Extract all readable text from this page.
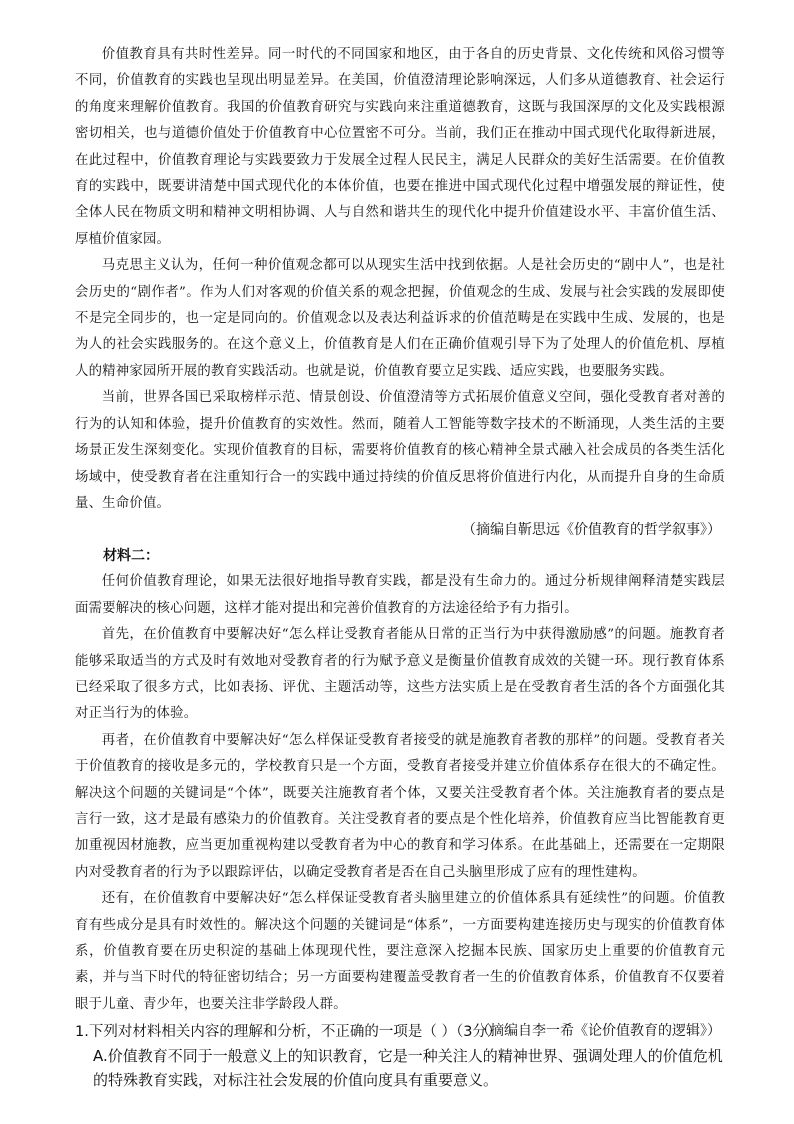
价值教育具有共时性差异。同一时代的不同国家和地区，由于各自的历史背景、文化传统和风俗习惯等不同，价值教育的实践也呈现出明显差异。在美国，价值澄清理论影响深远，人们多从道德教育、社会运行的角度来理解价值教育。我国的价值教育研究与实践向来注重道德教育，这既与我国深厚的文化及实践根源密切相关，也与道德价值处于价值教育中心位置密不可分。当前，我们正在推动中国式现代化取得新进展，在此过程中，价值教育理论与实践要致力于发展全过程人民民主，满足人民群众的美好生活需要。在价值教育的实践中，既要讲清楚中国式现代化的本体价值，也要在推进中国式现代化过程中增强发展的辩证性，使全体人民在物质文明和精神文明相协调、人与自然和谐共生的现代化中提升价值建设水平、丰富价值生活、厚植价值家园。

马克思主义认为，任何一种价值观念都可以从现实生活中找到依据。人是社会历史的“剧中人”，也是社会历史的“剧作者”。作为人们对客观的价值关系的观念把握，价值观念的生成、发展与社会实践的发展即使不是完全同步的，也一定是同向的。价值观念以及表达利益诉求的价值范畴是在实践中生成、发展的，也是为人的社会实践服务的。在这个意义上，价值教育是人们在正确价值观引导下为了处理人的价值危机、厚植人的精神家园所开展的教育实践活动。也就是说，价值教育要立足实践、适应实践，也要服务实践。

当前，世界各国已采取榜样示范、情景创设、价值澄清等方式拓展价值意义空间，强化受教育者对善的行为的认知和体验，提升价值教育的实效性。然而，随着人工智能等数字技术的不断涌现，人类生活的主要场景正发生深刻变化。实现价值教育的目标，需要将价值教育的核心精神全景式融入社会成员的各类生活化场域中，使受教育者在注重知行合一的实践中通过持续的价值反思将价值进行内化，从而提升自身的生命质量、生命价值。

（摘编自靳思远《价值教育的哲学叙事》）

材料二：

任何价值教育理论，如果无法很好地指导教育实践，都是没有生命力的。通过分析规律阐释清楚实践层面需要解决的核心问题，这样才能对提出和完善价值教育的方法途径给予有力指引。

首先，在价值教育中要解决好“怎么样让受教育者能从日常的正当行为中获得激励感”的问题。施教育者能够采取适当的方式及时有效地对受教育者的行为赋予意义是衡量价值教育成效的关键一环。现行教育体系已经采取了很多方式，比如表扬、评优、主题活动等，这些方法实质上是在受教育者生活的各个方面强化其对正当行为的体验。

再者，在价值教育中要解决好“怎么样保证受教育者接受的就是施教育者教的那样”的问题。受教育者关于价值教育的接收是多元的，学校教育只是一个方面，受教育者接受并建立价值体系存在很大的不确定性。解决这个问题的关键词是“个体”，既要关注施教育者个体，又要关注受教育者个体。关注施教育者的要点是言行一致，这才是最有感染力的价值教育。关注受教育者的要点是个性化培养，价值教育应当比智能教育更加重视因材施教，应当更加重视构建以受教育者为中心的教育和学习体系。在此基础上，还需要在一定期限内对受教育者的行为予以跟踪评估，以确定受教育者是否在自己头脑里形成了应有的理性建构。

还有，在价值教育中要解决好“怎么样保证受教育者头脑里建立的价值体系具有延续性”的问题。价值教育有些成分是具有时效性的。解决这个问题的关键词是“体系”，一方面要构建连接历史与现实的价值教育体系，价值教育要在历史积淀的基础上体现现代性，要注意深入挖掘本民族、国家历史上重要的价值教育元素，并与当下时代的特征密切结合；另一方面要构建覆盖受教育者一生的价值教育体系，价值教育不仅要着眼于儿童、青少年，也要关注非学龄段人群。

（摘编自李一希《论价值教育的逻辑》）

1.下列对材料相关内容的理解和分析，不正确的一项是（ ）（3分）

A.价值教育不同于一般意义上的知识教育，它是一种关注人的精神世界、强调处理人的价值危机
的特殊教育实践，对标注社会发展的价值向度具有重要意义。
